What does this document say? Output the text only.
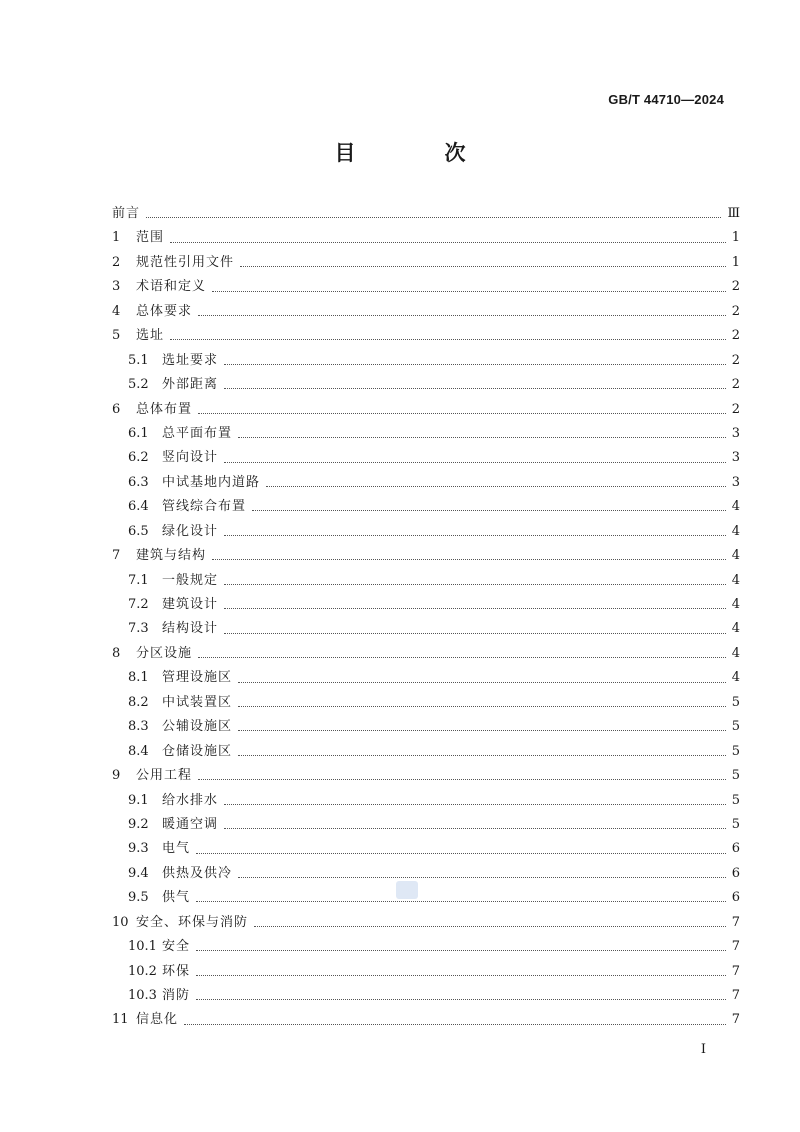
GB/T 44710—2024
目　次
前言	Ⅲ
1	范围	1
2	规范性引用文件	1
3	术语和定义	2
4	总体要求	2
5	选址	2
5.1	选址要求	2
5.2	外部距离	2
6	总体布置	2
6.1	总平面布置	3
6.2	竖向设计	3
6.3	中试基地内道路	3
6.4	管线综合布置	4
6.5	绿化设计	4
7	建筑与结构	4
7.1	一般规定	4
7.2	建筑设计	4
7.3	结构设计	4
8	分区设施	4
8.1	管理设施区	4
8.2	中试装置区	5
8.3	公辅设施区	5
8.4	仓储设施区	5
9	公用工程	5
9.1	给水排水	5
9.2	暖通空调	5
9.3	电气	6
9.4	供热及供冷	6
9.5	供气	6
10 安全、环保与消防	7
10.1 安全	7
10.2 环保	7
10.3 消防	7
11 信息化	7
I
